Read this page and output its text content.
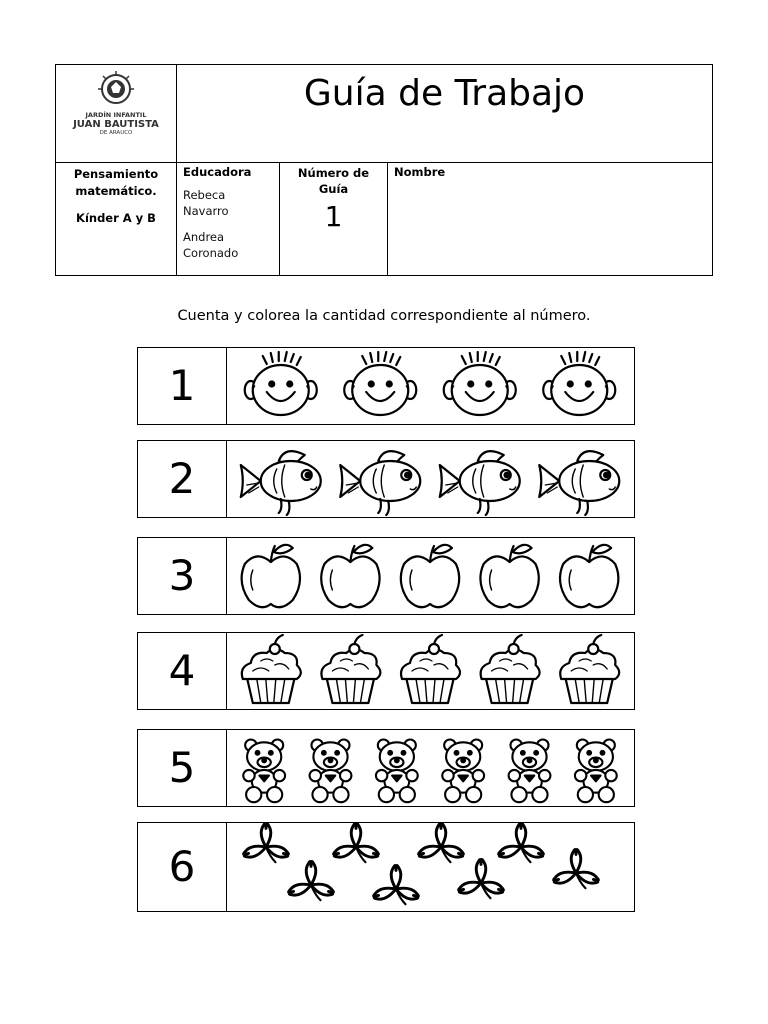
JARDÍN INFANTIL
JUAN BAUTISTA
DE ARAUCO
Guía de Trabajo
Pensamiento
matemático.
Kínder A y B
Educadora
Rebeca
Navarro
Andrea
Coronado
Número de
Guía
1
Nombre
Cuenta y colorea la cantidad correspondiente al número.
1
2
3
4
5
6
